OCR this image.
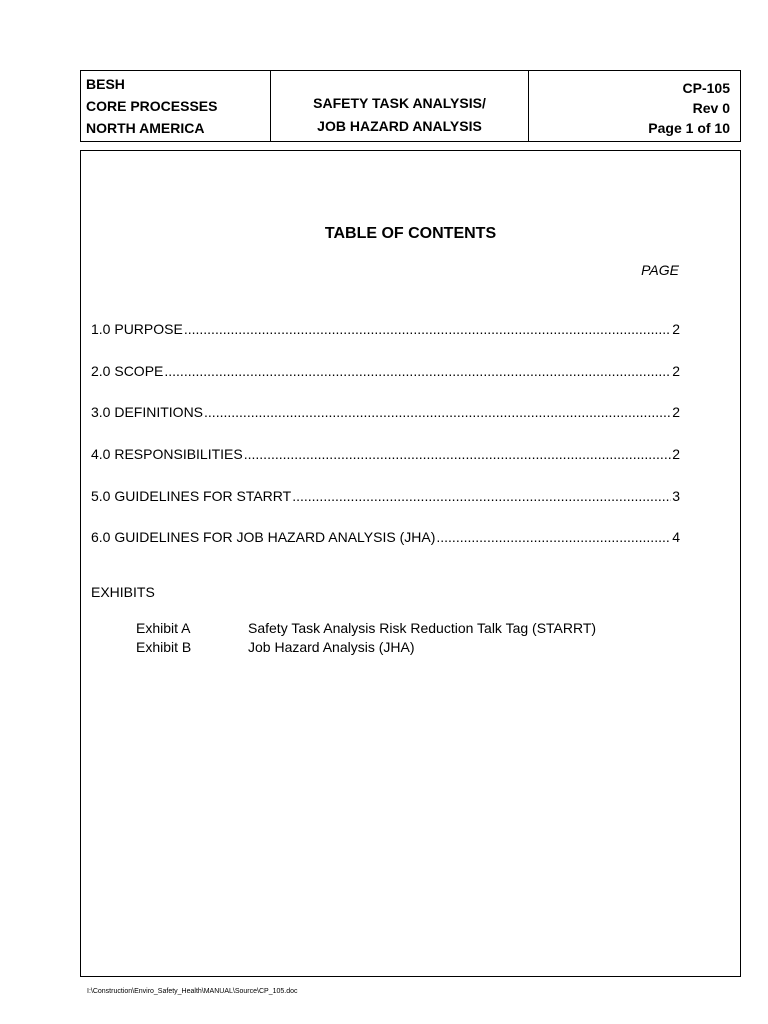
BESH
CORE PROCESSES
NORTH AMERICA
SAFETY TASK ANALYSIS/
JOB HAZARD ANALYSIS
CP-105
Rev 0
Page 1 of 10
TABLE OF CONTENTS
PAGE
1.0 PURPOSE .....	2
2.0 SCOPE .....	2
3.0 DEFINITIONS .....	2
4.0 RESPONSIBILITIES .....	2
5.0 GUIDELINES FOR STARRT .....	3
6.0 GUIDELINES FOR JOB HAZARD ANALYSIS (JHA) .....	4
EXHIBITS
Exhibit A	Safety Task Analysis Risk Reduction Talk Tag (STARRT)
Exhibit B	Job Hazard Analysis (JHA)
I:\Construction\Enviro_Safety_Health\MANUAL\Source\CP_105.doc
